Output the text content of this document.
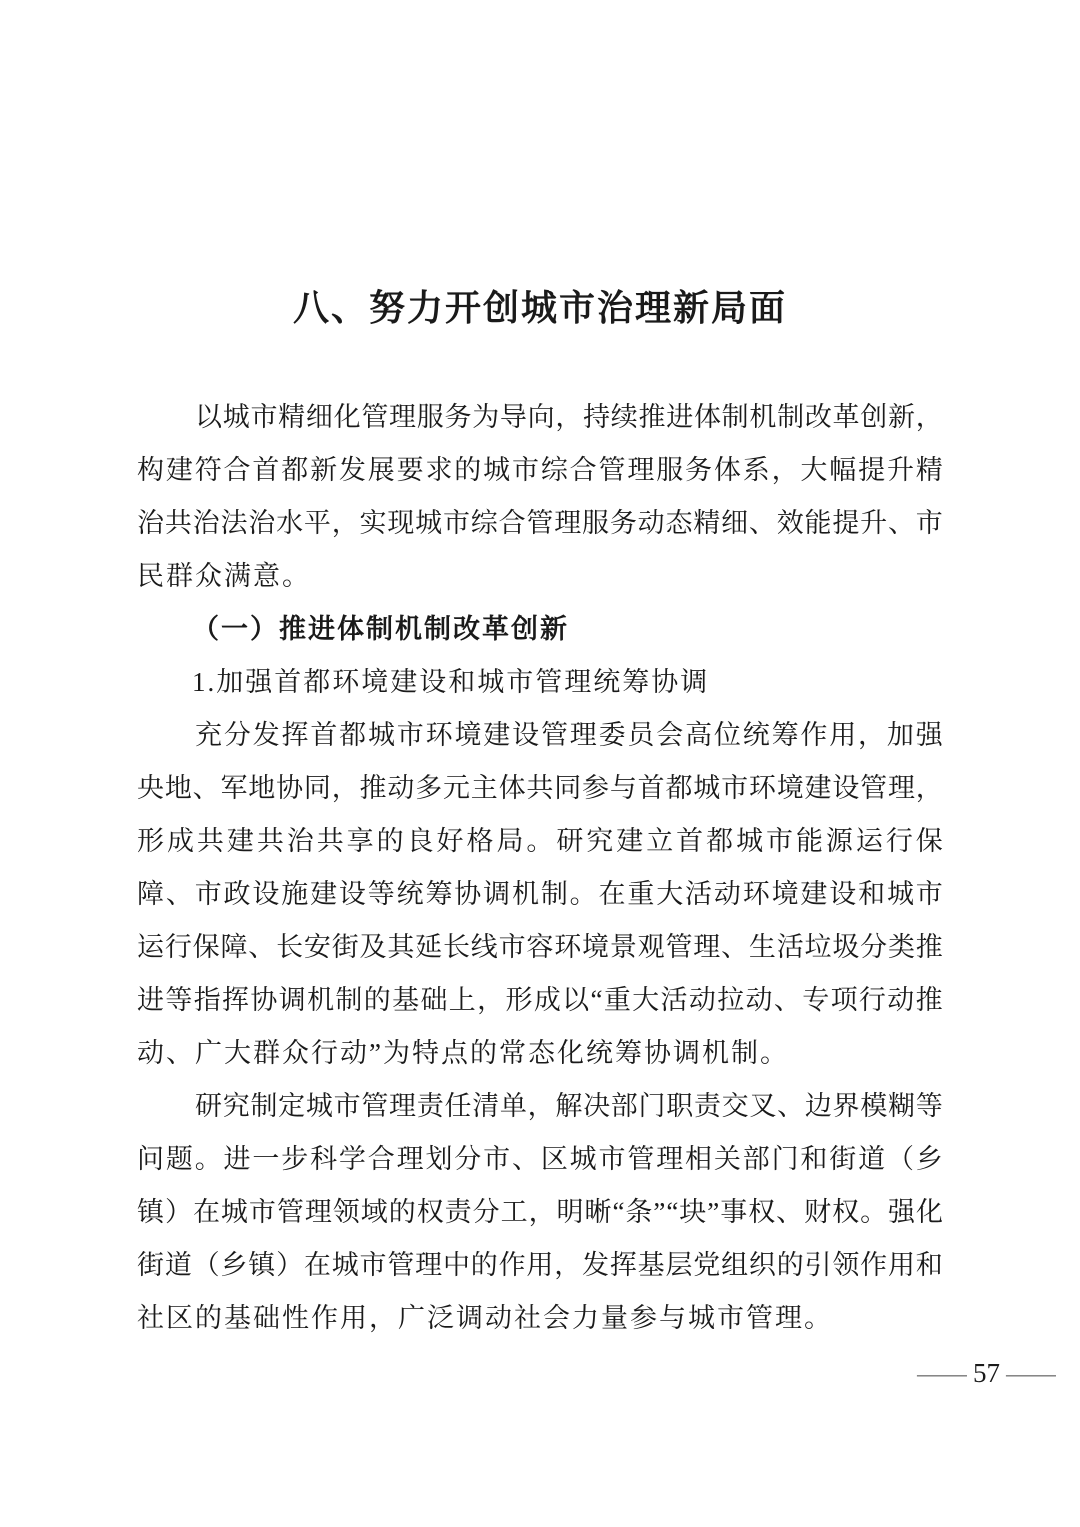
八、努力开创城市治理新局面
以 城 市 精 细 化 管 理 服 务 为 导 向 ， 持 续 推 进 体 制 机 制 改 革 创 新 ，
构 建 符 合 首 都 新 发 展 要 求 的 城 市 综 合 管 理 服 务 体 系 ， 大 幅 提 升 精
治 共 治 法 治 水 平 ， 实 现 城 市 综 合 管 理 服 务 动 态 精 细 、 效 能 提 升 、 市
民群众满意。
（一）推进体制机制改革创新
1.加强首都环境建设和城市管理统筹协调
充 分 发 挥 首 都 城 市 环 境 建 设 管 理 委 员 会 高 位 统 筹 作 用 ， 加 强
央 地 、 军 地 协 同 ， 推 动 多 元 主 体 共 同 参 与 首 都 城 市 环 境 建 设 管 理 ，
形 成 共 建 共 治 共 享 的 良 好 格 局 。 研 究 建 立 首 都 城 市 能 源 运 行 保
障 、 市 政 设 施 建 设 等 统 筹 协 调 机 制 。 在 重 大 活 动 环 境 建 设 和 城 市
运 行 保 障 、 长 安 街 及 其 延 长 线 市 容 环 境 景 观 管 理 、 生 活 垃 圾 分 类 推
进 等 指 挥 协 调 机 制 的 基 础 上 ， 形 成 以 “ 重 大 活 动 拉 动 、 专 项 行 动 推
动、广大群众行动”为特点的常态化统筹协调机制。
研 究 制 定 城 市 管 理 责 任 清 单 ， 解 决 部 门 职 责 交 叉 、 边 界 模 糊 等
问 题 。 进 一 步 科 学 合 理 划 分 市 、 区 城 市 管 理 相 关 部 门 和 街 道 （ 乡
镇 ） 在 城 市 管 理 领 域 的 权 责 分 工 ， 明 晰 “ 条 ” “ 块 ” 事 权 、 财 权 。 强 化
街 道 （ 乡 镇 ） 在 城 市 管 理 中 的 作 用 ， 发 挥 基 层 党 组 织 的 引 领 作 用 和
社区的基础性作用，广泛调动社会力量参与城市管理。
— 57 —
